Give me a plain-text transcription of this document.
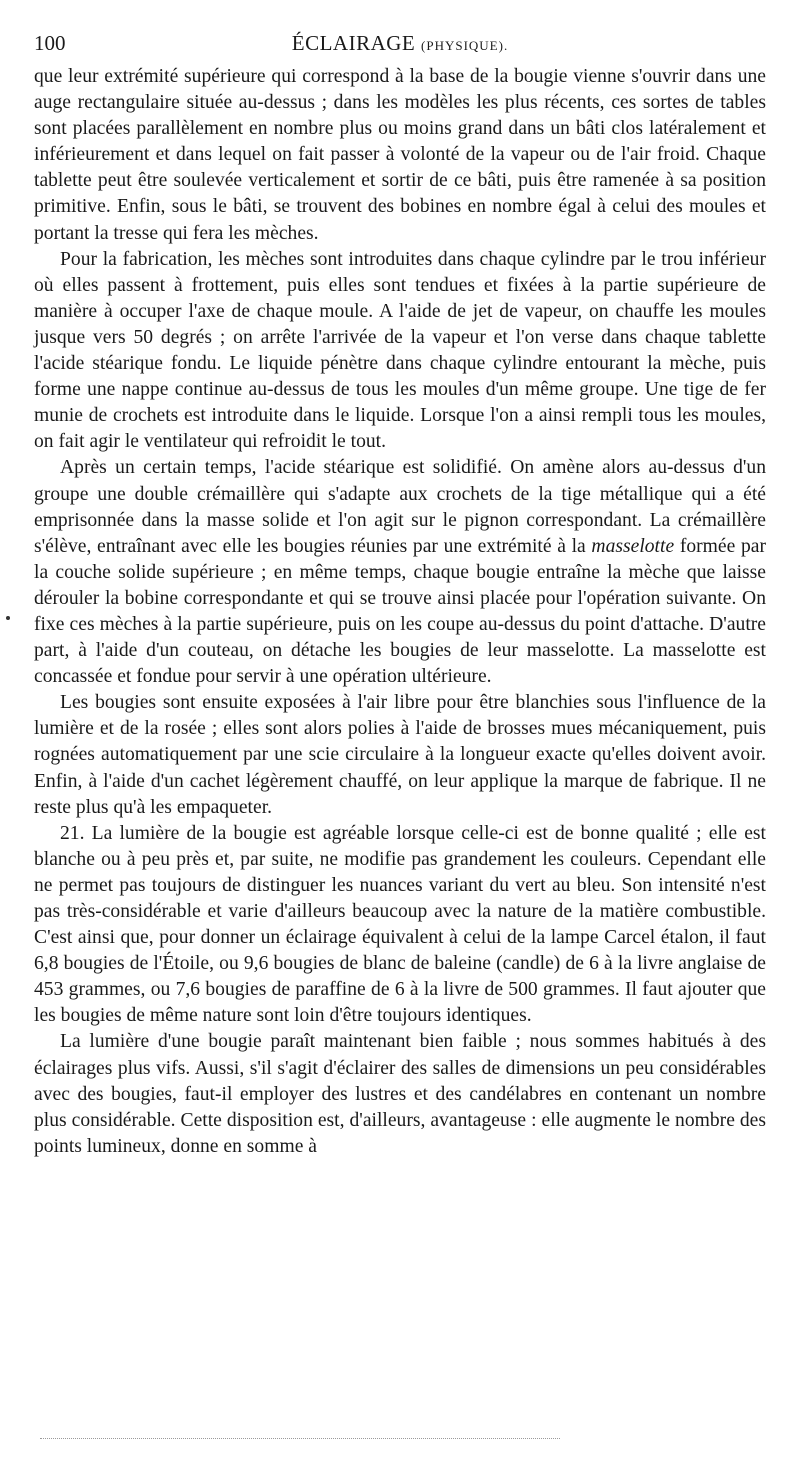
100	ÉCLAIRAGE (PHYSIQUE).

que leur extrémité supérieure qui correspond à la base de la bougie vienne s'ouvrir dans une auge rectangulaire située au-dessus ; dans les modèles les plus récents, ces sortes de tables sont placées parallèlement en nombre plus ou moins grand dans un bâti clos latéralement et inférieurement et dans lequel on fait passer à volonté de la vapeur ou de l'air froid. Chaque tablette peut être soulevée verticalement et sortir de ce bâti, puis être ramenée à sa position primitive. Enfin, sous le bâti, se trouvent des bobines en nombre égal à celui des moules et portant la tresse qui fera les mèches.

Pour la fabrication, les mèches sont introduites dans chaque cylindre par le trou inférieur où elles passent à frottement, puis elles sont tendues et fixées à la partie supérieure de manière à occuper l'axe de chaque moule. A l'aide de jet de vapeur, on chauffe les moules jusque vers 50 degrés ; on arrête l'arrivée de la vapeur et l'on verse dans chaque tablette l'acide stéarique fondu. Le liquide pénètre dans chaque cylindre entourant la mèche, puis forme une nappe continue au-dessus de tous les moules d'un même groupe. Une tige de fer munie de crochets est introduite dans le liquide. Lorsque l'on a ainsi rempli tous les moules, on fait agir le ventilateur qui refroidit le tout.

Après un certain temps, l'acide stéarique est solidifié. On amène alors au-dessus d'un groupe une double crémaillère qui s'adapte aux crochets de la tige métallique qui a été emprisonnée dans la masse solide et l'on agit sur le pignon correspondant. La crémaillère s'élève, entraînant avec elle les bougies réunies par une extrémité à la masselotte formée par la couche solide supérieure ; en même temps, chaque bougie entraîne la mèche que laisse dérouler la bobine correspondante et qui se trouve ainsi placée pour l'opération suivante. On fixe ces mèches à la partie supérieure, puis on les coupe au-dessus du point d'attache. D'autre part, à l'aide d'un couteau, on détache les bougies de leur masselotte. La masselotte est concassée et fondue pour servir à une opération ultérieure.

Les bougies sont ensuite exposées à l'air libre pour être blanchies sous l'influence de la lumière et de la rosée ; elles sont alors polies à l'aide de brosses mues mécaniquement, puis rognées automatiquement par une scie circulaire à la longueur exacte qu'elles doivent avoir. Enfin, à l'aide d'un cachet légèrement chauffé, on leur applique la marque de fabrique. Il ne reste plus qu'à les empaqueter.

21. La lumière de la bougie est agréable lorsque celle-ci est de bonne qualité ; elle est blanche ou à peu près et, par suite, ne modifie pas grandement les couleurs. Cependant elle ne permet pas toujours de distinguer les nuances variant du vert au bleu. Son intensité n'est pas très-considérable et varie d'ailleurs beaucoup avec la nature de la matière combustible. C'est ainsi que, pour donner un éclairage équivalent à celui de la lampe Carcel étalon, il faut 6,8 bougies de l'Étoile, ou 9,6 bougies de blanc de baleine (candle) de 6 à la livre anglaise de 453 grammes, ou 7,6 bougies de paraffine de 6 à la livre de 500 grammes. Il faut ajouter que les bougies de même nature sont loin d'être toujours identiques.

La lumière d'une bougie paraît maintenant bien faible ; nous sommes habitués à des éclairages plus vifs. Aussi, s'il s'agit d'éclairer des salles de dimensions un peu considérables avec des bougies, faut-il employer des lustres et des candélabres en contenant un nombre plus considérable. Cette disposition est, d'ailleurs, avantageuse : elle augmente le nombre des points lumineux, donne en somme à
